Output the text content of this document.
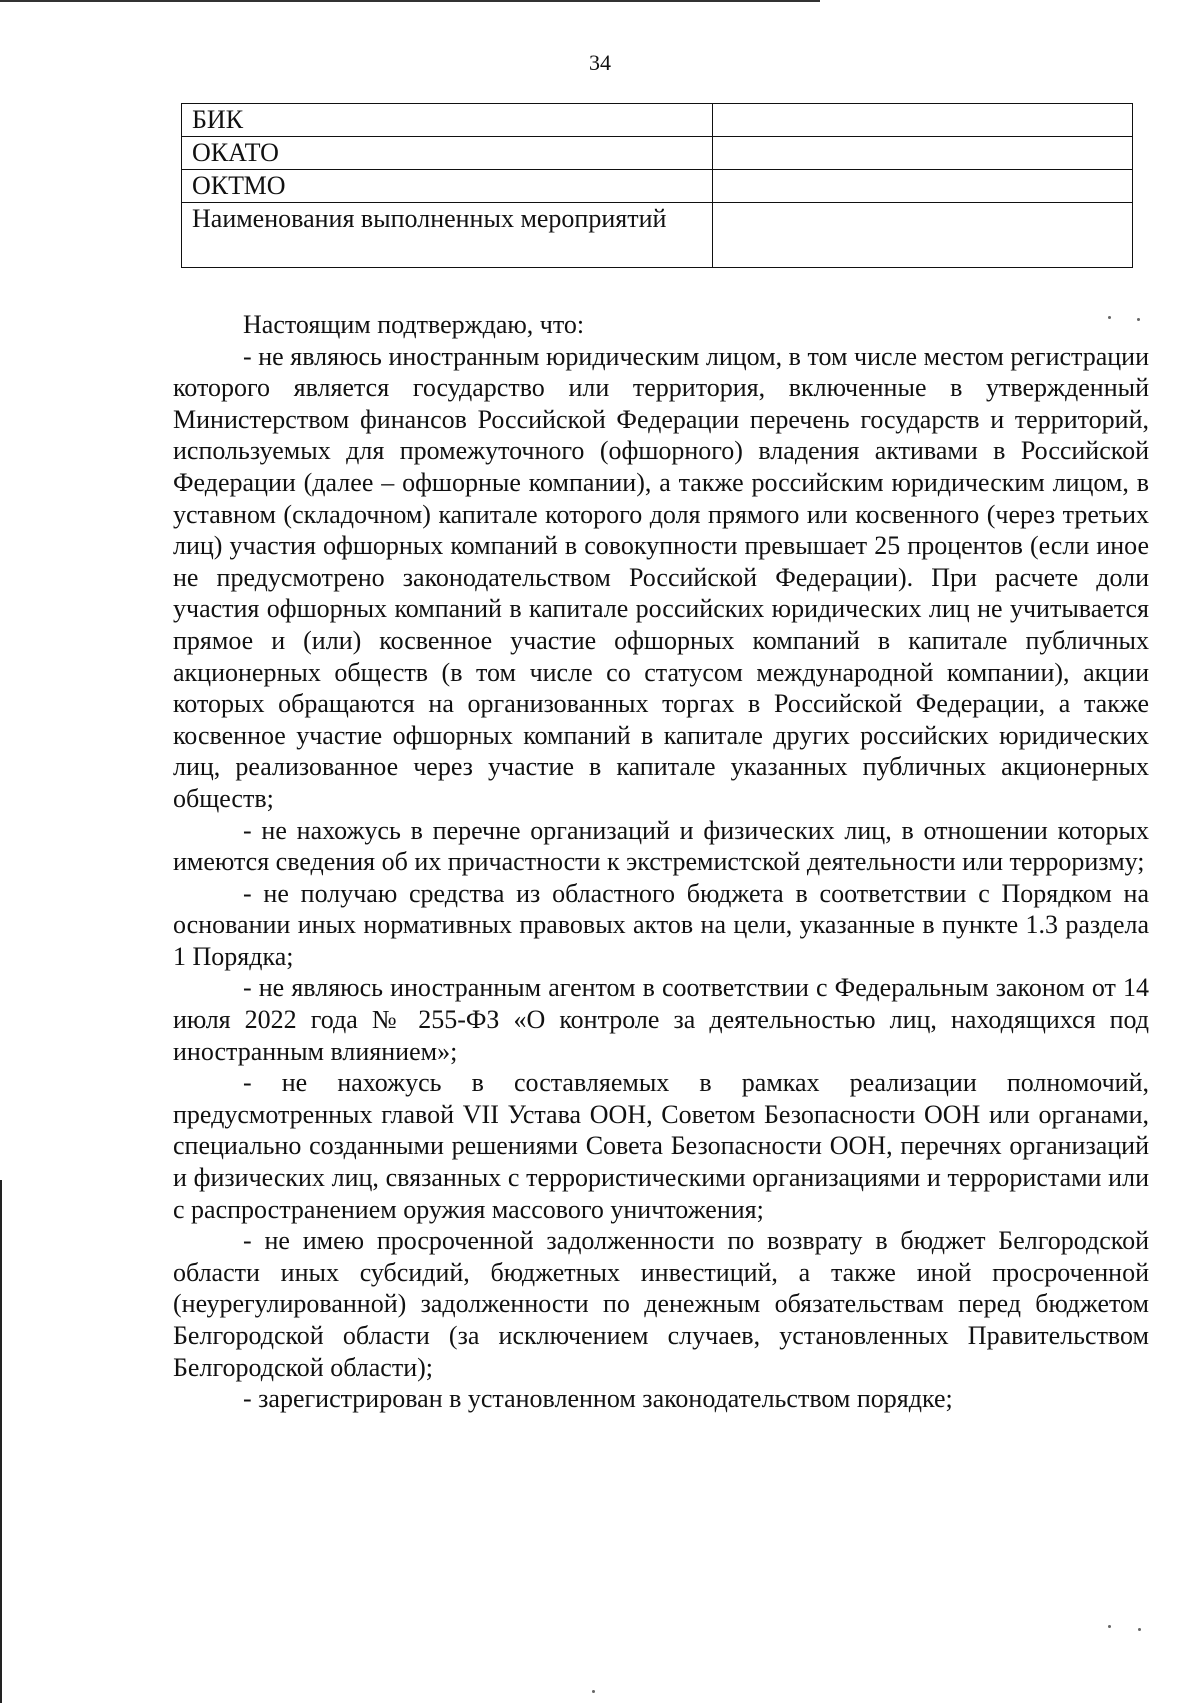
34
БИК	
ОКАТО	
ОКТМО	
Наименования выполненных мероприятий	

Настоящим подтверждаю, что:

- не являюсь иностранным юридическим лицом, в том числе местом регистрации которого является государство или территория, включенные в утвержденный Министерством финансов Российской Федерации перечень государств и территорий, используемых для промежуточного (офшорного) владения активами в Российской Федерации (далее – офшорные компании), а также российским юридическим лицом, в уставном (складочном) капитале которого доля прямого или косвенного (через третьих лиц) участия офшорных компаний в совокупности превышает 25 процентов (если иное не предусмотрено законодательством Российской Федерации). При расчете доли участия офшорных компаний в капитале российских юридических лиц не учитывается прямое и (или) косвенное участие офшорных компаний в капитале публичных акционерных обществ (в том числе со статусом международной компании), акции которых обращаются на организованных торгах в Российской Федерации, а также косвенное участие офшорных компаний в капитале других российских юридических лиц, реализованное через участие в капитале указанных публичных акционерных обществ;

- не нахожусь в перечне организаций и физических лиц, в отношении которых имеются сведения об их причастности к экстремистской деятельности или терроризму;

- не получаю средства из областного бюджета в соответствии с Порядком на основании иных нормативных правовых актов на цели, указанные в пункте 1.3 раздела 1 Порядка;

- не являюсь иностранным агентом в соответствии с Федеральным законом от 14 июля 2022 года № 255-ФЗ «О контроле за деятельностью лиц, находящихся под иностранным влиянием»;

- не нахожусь в составляемых в рамках реализации полномочий, предусмотренных главой VII Устава ООН, Советом Безопасности ООН или органами, специально созданными решениями Совета Безопасности ООН, перечнях организаций и физических лиц, связанных с террористическими организациями и террористами или с распространением оружия массового уничтожения;

- не имею просроченной задолженности по возврату в бюджет Белгородской области иных субсидий, бюджетных инвестиций, а также иной просроченной (неурегулированной) задолженности по денежным обязательствам перед бюджетом Белгородской области (за исключением случаев, установленных Правительством Белгородской области);

- зарегистрирован в установленном законодательством порядке;
